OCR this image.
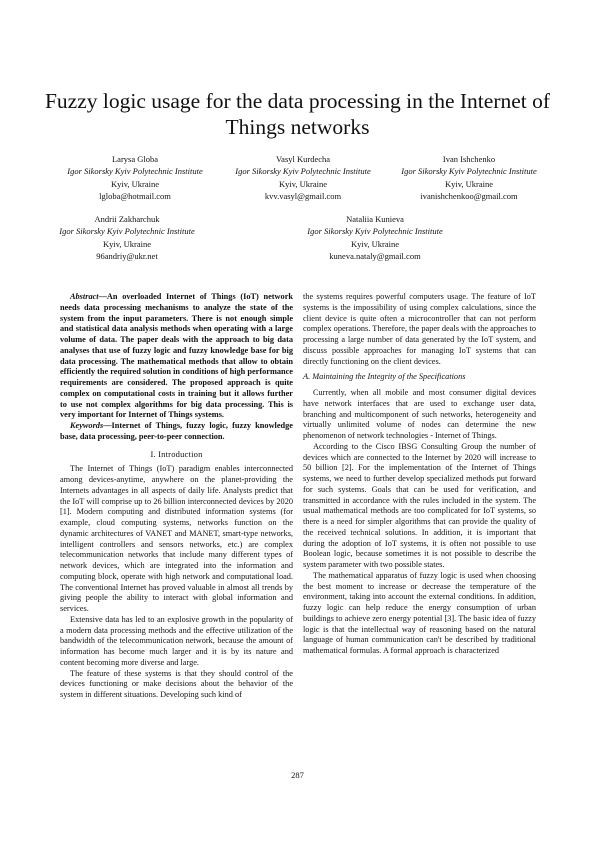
Fuzzy logic usage for the data processing in the Internet of Things networks
Larysa Globa
Igor Sikorsky Kyiv Polytechnic Institute
Kyiv, Ukraine
lgloba@hotmail.com
Vasyl Kurdecha
Igor Sikorsky Kyiv Polytechnic Institute
Kyiv, Ukraine
kvv.vasyl@gmail.com
Ivan Ishchenko
Igor Sikorsky Kyiv Polytechnic Institute
Kyiv, Ukraine
ivanishchenkoo@gmail.com
Andrii Zakharchuk
Igor Sikorsky Kyiv Polytechnic Institute
Kyiv, Ukraine
96andriy@ukr.net
Nataliia Kunieva
Igor Sikorsky Kyiv Polytechnic Institute
Kyiv, Ukraine
kuneva.nataly@gmail.com

Abstract—An overloaded Internet of Things (IoT) network needs data processing mechanisms to analyze the state of the system from the input parameters. There is not enough simple and statistical data analysis methods when operating with a large volume of data. The paper deals with the approach to big data analyses that use of fuzzy logic and fuzzy knowledge base for big data processing. The mathematical methods that allow to obtain efficiently the required solution in conditions of high performance requirements are considered. The proposed approach is quite complex on computational costs in training but it allows further to use not complex algorithms for big data processing. This is very important for Internet of Things systems.

Keywords—Internet of Things, fuzzy logic, fuzzy knowledge base, data processing, peer-to-peer connection.

I. Introduction

The Internet of Things (IoT) paradigm enables interconnected among devices-anytime, anywhere on the planet-providing the Internets advantages in all aspects of daily life. Analysts predict that the IoT will comprise up to 26 billion interconnected devices by 2020 [1]. Modern computing and distributed information systems (for example, cloud computing systems, networks function on the dynamic architectures of VANET and MANET, smart-type networks, intelligent controllers and sensors networks, etc.) are complex telecommunication networks that include many different types of network devices, which are integrated into the information and computing block, operate with high network and computational load. The conventional Internet has proved valuable in almost all trends by giving people the ability to interact with global information and services.

Extensive data has led to an explosive growth in the popularity of a modern data processing methods and the effective utilization of the bandwidth of the telecommunication network, because the amount of information has become much larger and it is by its nature and content becoming more diverse and large.

The feature of these systems is that they should control of the devices functioning or make decisions about the behavior of the system in different situations. Developing such kind of

the systems requires powerful computers usage. The feature of IoT systems is the impossibility of using complex calculations, since the client device is quite often a microcontroller that can not perform complex operations. Therefore, the paper deals with the approaches to processing a large number of data generated by the IoT system, and discuss possible approaches for managing IoT systems that can directly functioning on the client devices.

A. Maintaining the Integrity of the Specifications

Currently, when all mobile and most consumer digital devices have network interfaces that are used to exchange user data, branching and multicomponent of such networks, heterogeneity and virtually unlimited volume of nodes can determine the new phenomenon of network technologies - Internet of Things.

According to the Cisco IBSG Consulting Group the number of devices which are connected to the Internet by 2020 will increase to 50 billion [2]. For the implementation of the Internet of Things systems, we need to further develop specialized methods put forward for such systems. Goals that can be used for verification, and transmitted in accordance with the rules included in the system. The usual mathematical methods are too complicated for IoT systems, so there is a need for simpler algorithms that can provide the quality of the received technical solutions. In addition, it is important that during the adoption of IoT systems, it is often not possible to use Boolean logic, because sometimes it is not possible to describe the system parameter with two possible states.

The mathematical apparatus of fuzzy logic is used when choosing the best moment to increase or decrease the temperature of the environment, taking into account the external conditions. In addition, fuzzy logic can help reduce the energy consumption of urban buildings to achieve zero energy potential [3]. The basic idea of fuzzy logic is that the intellectual way of reasoning based on the natural language of human communication can't be described by traditional mathematical formulas. A formal approach is characterized

287
